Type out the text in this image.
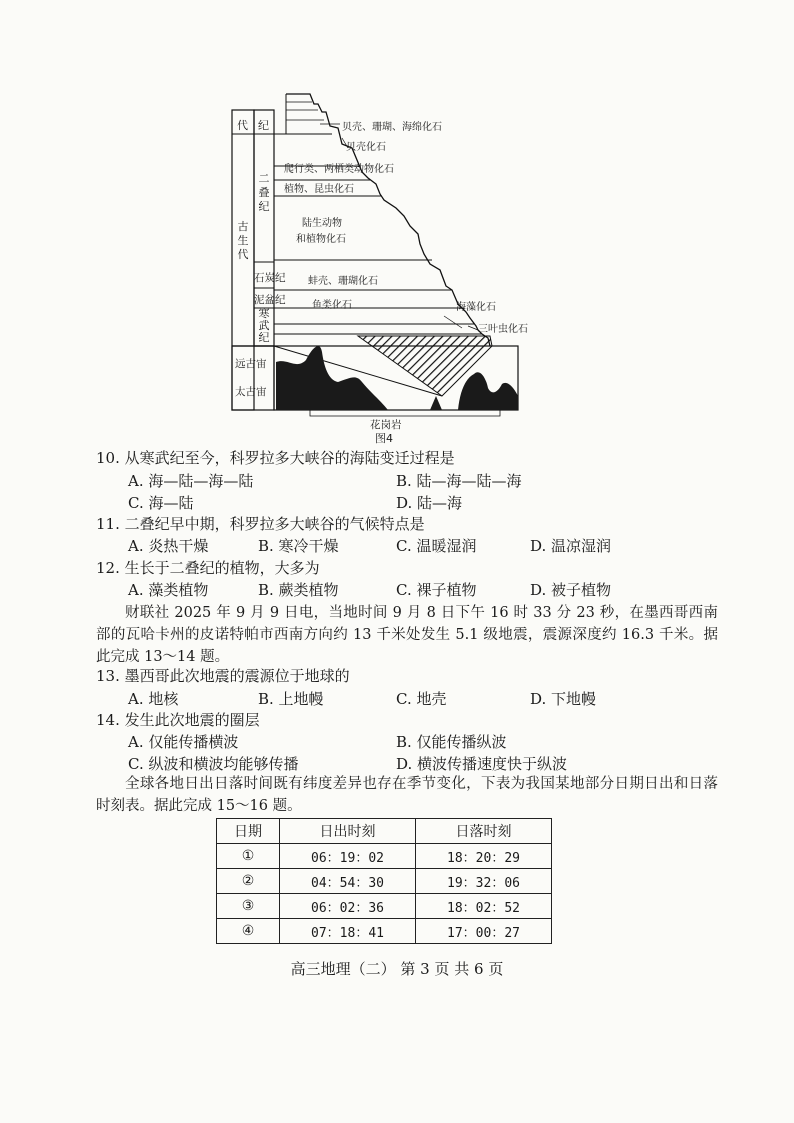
代 纪
古生代
二叠纪
石炭纪
泥盆纪
寒武纪
远古宙
太古宙
贝壳、珊瑚、海绵化石
贝壳化石
爬行类、两栖类动物化石
植物、昆虫化石
陆生动物
和植物化石
蚌壳、珊瑚化石
鱼类化石	海藻化石
三叶虫化石
花岗岩
图4
10. 从寒武纪至今，科罗拉多大峡谷的海陆变迁过程是
A. 海—陆—海—陆	B. 陆—海—陆—海
C. 海—陆	D. 陆—海
11. 二叠纪早中期，科罗拉多大峡谷的气候特点是
A. 炎热干燥	B. 寒冷干燥	C. 温暖湿润	D. 温凉湿润
12. 生长于二叠纪的植物，大多为
A. 藻类植物	B. 蕨类植物	C. 裸子植物	D. 被子植物
财联社 2025 年 9 月 9 日电，当地时间 9 月 8 日下午 16 时 33 分 23 秒，在墨西哥西南部的瓦哈卡州的皮诺特帕市西南方向约 13 千米处发生 5.1 级地震，震源深度约 16.3 千米。据此完成 13～14 题。
13. 墨西哥此次地震的震源位于地球的
A. 地核	B. 上地幔	C. 地壳	D. 下地幔
14. 发生此次地震的圈层
A. 仅能传播横波	B. 仅能传播纵波
C. 纵波和横波均能够传播	D. 横波传播速度快于纵波
全球各地日出日落时间既有纬度差异也存在季节变化，下表为我国某地部分日期日出和日落时刻表。据此完成 15～16 题。
日期	日出时刻	日落时刻
①	06：19：02	18：20：29
②	04：54：30	19：32：06
③	06：02：36	18：02：52
④	07：18：41	17：00：27
高三地理（二） 第 3 页 共 6 页
